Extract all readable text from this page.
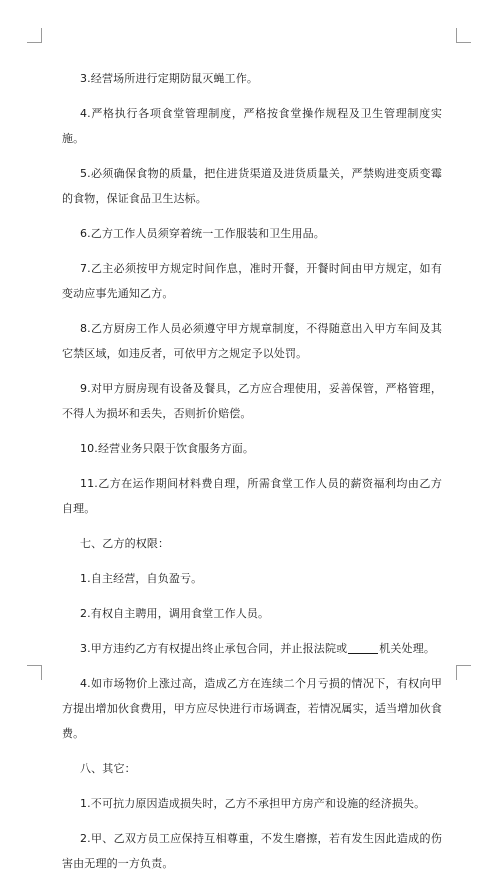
3.经营场所进行定期防鼠灭蝇工作。

4.严格执行各项食堂管理制度，严格按食堂操作规程及卫生管理制度实施。

5.必须确保食物的质量，把住进货渠道及进货质量关，严禁购进变质变霉的食物，保证食品卫生达标。

6.乙方工作人员须穿着统一工作服装和卫生用品。

7.乙主必须按甲方规定时间作息，准时开餐，开餐时间由甲方规定，如有变动应事先通知乙方。

8.乙方厨房工作人员必须遵守甲方规章制度，不得随意出入甲方车间及其它禁区域，如违反者，可依甲方之规定予以处罚。

9.对甲方厨房现有设备及餐具，乙方应合理使用，妥善保管，严格管理，不得人为损坏和丢失，否则折价赔偿。

10.经营业务只限于饮食服务方面。

11.乙方在运作期间材料费自理，所需食堂工作人员的薪资福利均由乙方自理。

七、乙方的权限：

1.自主经营，自负盈亏。

2.有权自主聘用，调用食堂工作人员。

3.甲方违约乙方有权提出终止承包合同，并止报法院或	机关处理。

4.如市场物价上涨过高，造成乙方在连续二个月亏损的情况下，有权向甲方提出增加伙食费用，甲方应尽快进行市场调查，若情况属实，适当增加伙食费。

八、其它：

1.不可抗力原因造成损失时，乙方不承担甲方房产和设施的经济损失。

2.甲、乙双方员工应保持互相尊重，不发生磨擦，若有发生因此造成的伤害由无理的一方负责。
